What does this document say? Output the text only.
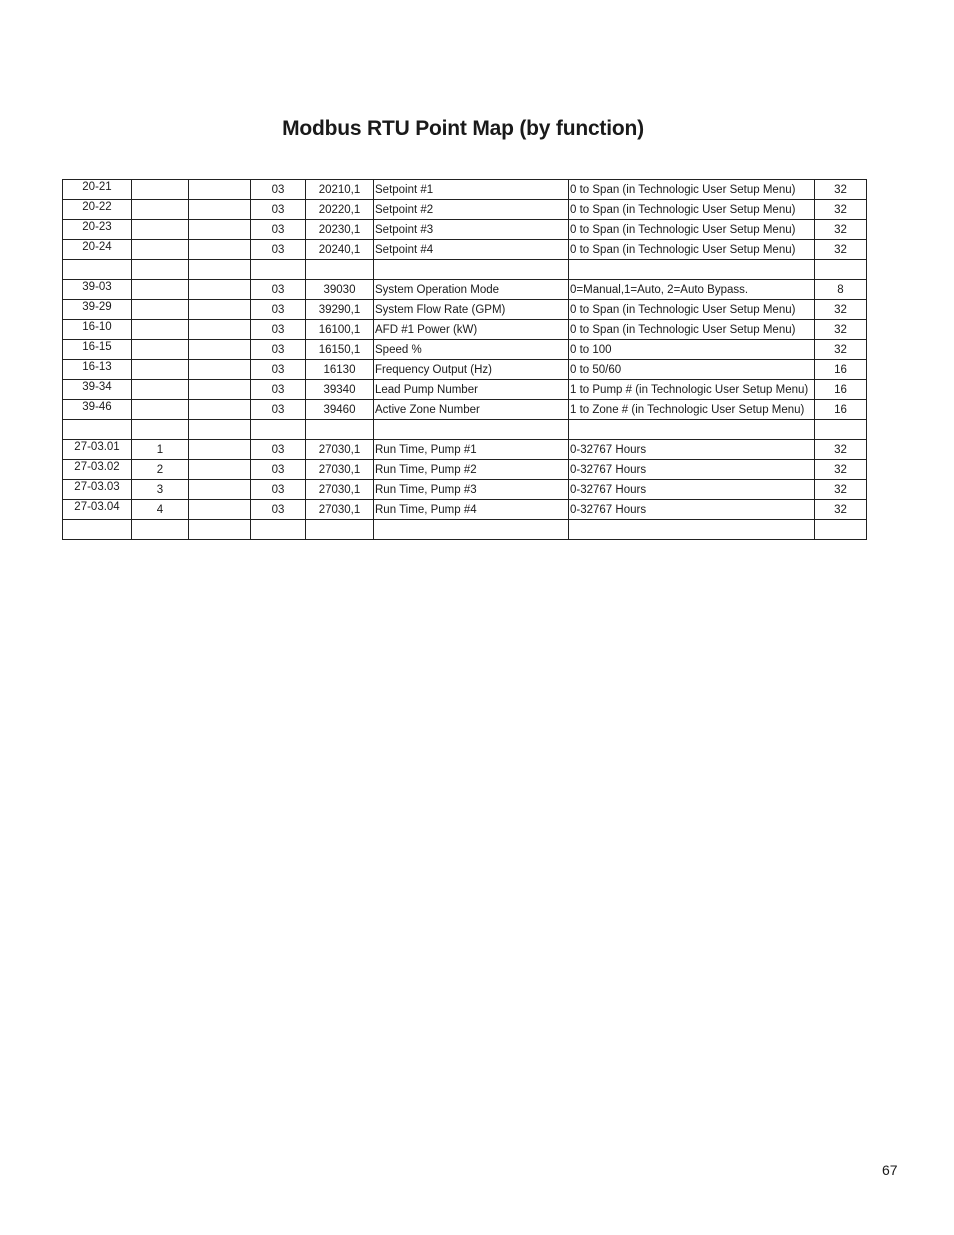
Modbus RTU Point Map (by function)
20-21			03	20210,1	Setpoint #1	0 to Span (in Technologic User Setup Menu)	32
20-22			03	20220,1	Setpoint #2	0 to Span (in Technologic User Setup Menu)	32
20-23			03	20230,1	Setpoint #3	0 to Span (in Technologic User Setup Menu)	32
20-24			03	20240,1	Setpoint #4	0 to Span (in Technologic User Setup Menu)	32

39-03			03	39030	System Operation Mode	0=Manual,1=Auto, 2=Auto Bypass.	8
39-29			03	39290,1	System Flow Rate (GPM)	0 to Span (in Technologic User Setup Menu)	32
16-10			03	16100,1	AFD #1 Power (kW)	0 to Span (in Technologic User Setup Menu)	32
16-15			03	16150,1	Speed %	0 to 100	32
16-13			03	16130	Frequency Output (Hz)	0 to 50/60	16
39-34			03	39340	Lead Pump Number	1 to Pump # (in Technologic User Setup Menu)	16
39-46			03	39460	Active Zone Number	1 to Zone # (in Technologic User Setup Menu)	16

27-03.01	1		03	27030,1	Run Time, Pump #1	0-32767 Hours	32
27-03.02	2		03	27030,1	Run Time, Pump #2	0-32767 Hours	32
27-03.03	3		03	27030,1	Run Time, Pump #3	0-32767 Hours	32
27-03.04	4		03	27030,1	Run Time, Pump #4	0-32767 Hours	32

67
